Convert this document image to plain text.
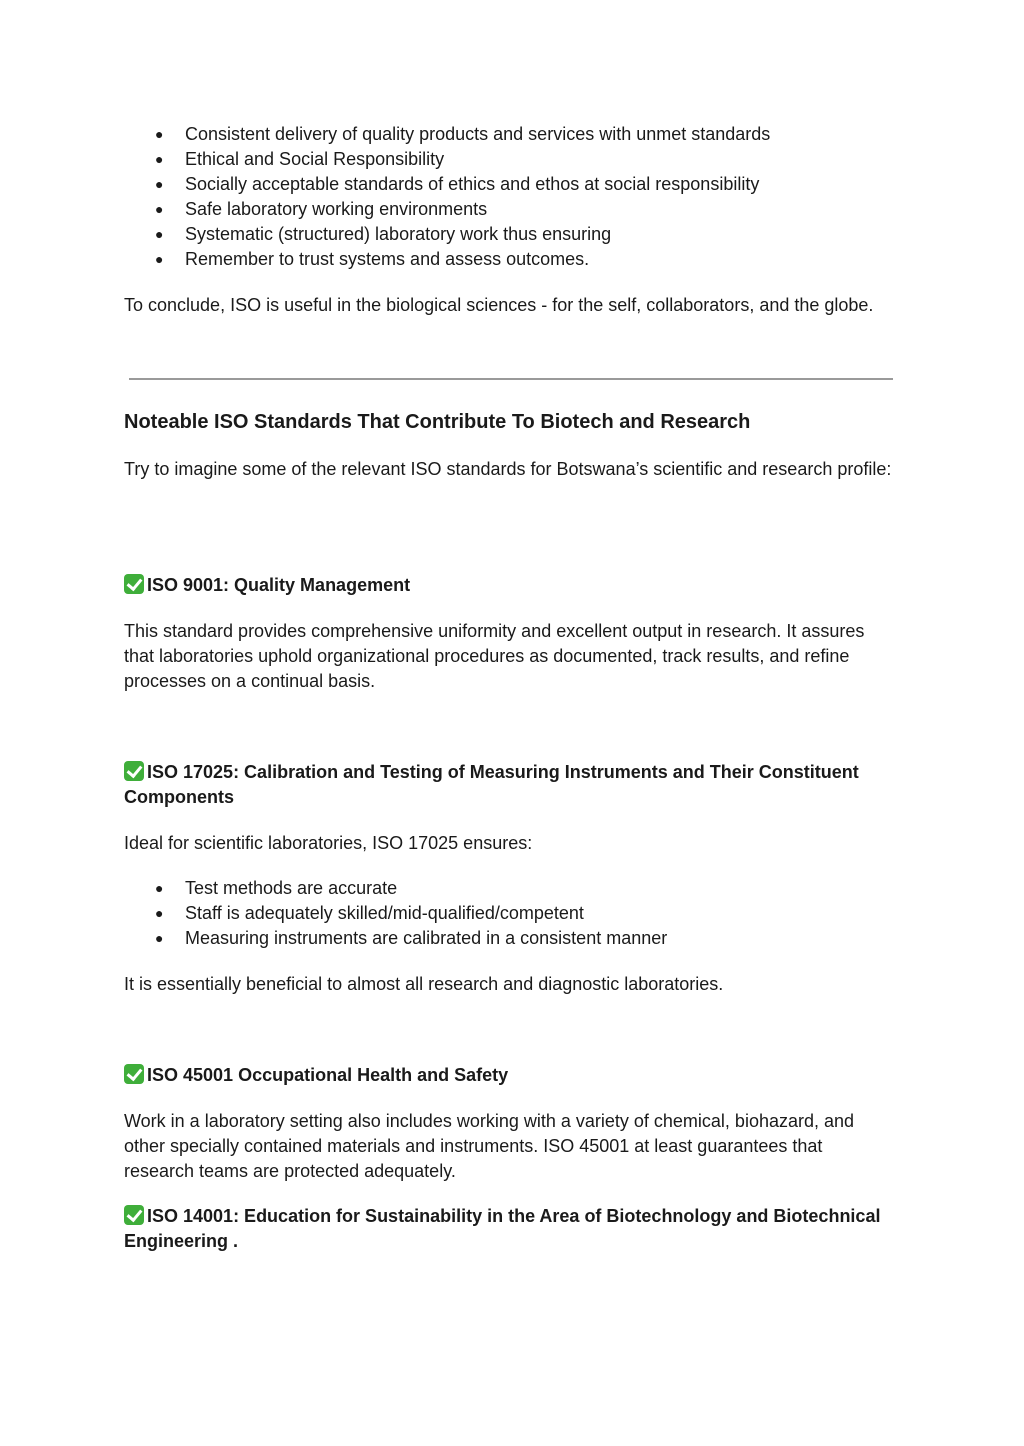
● Consistent delivery of quality products and services with unmet standards
● Ethical and Social Responsibility
● Socially acceptable standards of ethics and ethos at social responsibility
● Safe laboratory working environments
● Systematic (structured) laboratory work thus ensuring
● Remember to trust systems and assess outcomes.
To conclude, ISO is useful in the biological sciences - for the self, collaborators, and the globe.
Noteable ISO Standards That Contribute To Biotech and Research
Try to imagine some of the relevant ISO standards for Botswana’s scientific and research profile:
ISO 9001: Quality Management
This standard provides comprehensive uniformity and excellent output in research. It assures that laboratories uphold organizational procedures as documented, track results, and refine processes on a continual basis.
ISO 17025: Calibration and Testing of Measuring Instruments and Their Constituent Components
Ideal for scientific laboratories, ISO 17025 ensures:
● Test methods are accurate
● Staff is adequately skilled/mid-qualified/competent
● Measuring instruments are calibrated in a consistent manner
It is essentially beneficial to almost all research and diagnostic laboratories.
ISO 45001 Occupational Health and Safety
Work in a laboratory setting also includes working with a variety of chemical, biohazard, and other specially contained materials and instruments. ISO 45001 at least guarantees that research teams are protected adequately.
ISO 14001: Education for Sustainability in the Area of Biotechnology and Biotechnical Engineering .
